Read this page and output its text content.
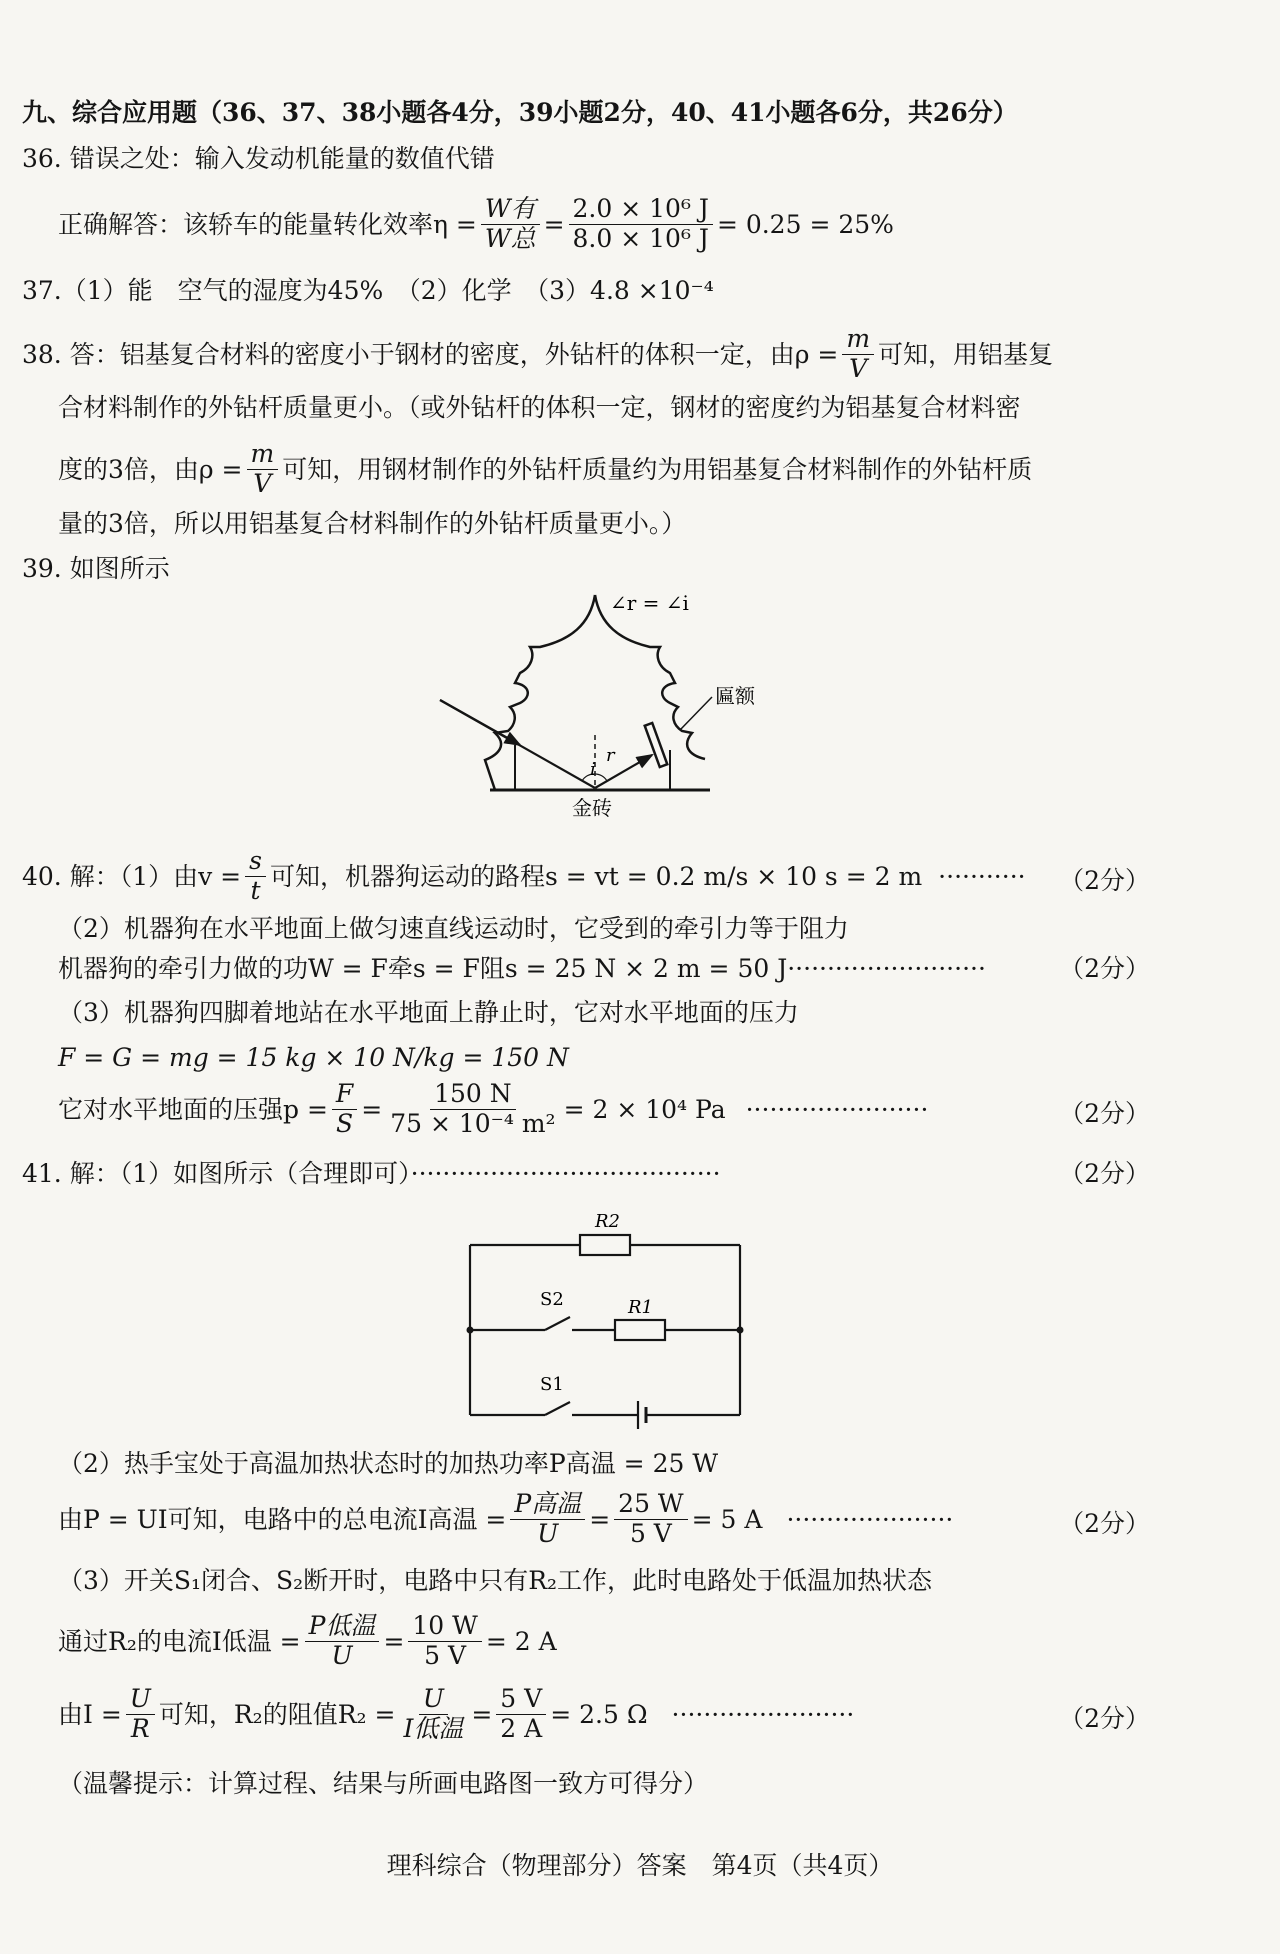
九、综合应用题（36、37、38小题各4分，39小题2分，40、41小题各6分，共26分）
36. 错误之处：输入发动机能量的数值代错
正确解答：该轿车的能量转化效率$\eta = \frac{\text{W有}}{\text{W总}} = \frac{\text{2.0 × 10⁶ J}}{\text{8.0 × 10⁶ J}} = 0.25 = 25\%$
37.（1）能　空气的湿度为45%　（2）化学　（3）4.8 ×10⁻⁴
38. 答：铝基复合材料的密度小于钢材的密度，外钻杆的体积一定，由$\rho = \frac{m}{V}$ 可知，用铝基复
合材料制作的外钻杆质量更小。（或外钻杆的体积一定，钢材的密度约为铝基复合材料密
度的3倍，由$\rho = \frac{m}{V}$ 可知，用钢材制作的外钻杆质量约为用铝基复合材料制作的外钻杆质
量的3倍，所以用铝基复合材料制作的外钻杆质量更小。）
39. 如图所示
i
r
∠r = ∠i
匾额
金砖
40. 解：（1）由$v = \frac{s}{t}$ 可知，机器狗运动的路程s = vt = 0.2 m/s × 10 s = 2 m ··········· （2分）
（2）机器狗在水平地面上做匀速直线运动时，它受到的牵引力等于阻力
机器狗的牵引力做的功W = F牵s = F阻s = 25 N × 2 m = 50 J·························	（2分）
（3）机器狗四脚着地站在水平地面上静止时，它对水平地面的压力
F = G = mg = 15 kg × 10 N/kg = 150 N
它对水平地面的压强$p = \frac{F}{S} = \frac{150 N}{\text{75 × 10⁻⁴ m²}} = 2 \times 10^4$ Pa ·······················	（2分）
41. 解：（1）如图所示（合理即可）·······································	（2分）
R2
R1
S2
S1
（2）热手宝处于高温加热状态时的加热功率P高温 = 25 W
由P = UI可知，电路中的总电流I高温 = $\frac{\text{P高温}}{U} = \frac{25 W}{5 V} = 5$ A ·····················	（2分）
（3）开关S₁闭合、S₂断开时，电路中只有R₂工作，此时电路处于低温加热状态
通过R₂的电流I低温 = $\frac{\text{P低温}}{U} = \frac{10 W}{5 V} = 2$ A
由$I = \frac{U}{R}$ 可知，R₂的阻值$R_2 = \frac{U}{\text{I低温}} = \frac{5 V}{2 A} = 2.5$ Ω ·······················	（2分）
（温馨提示：计算过程、结果与所画电路图一致方可得分）
理科综合（物理部分）答案　第4页（共4页）
